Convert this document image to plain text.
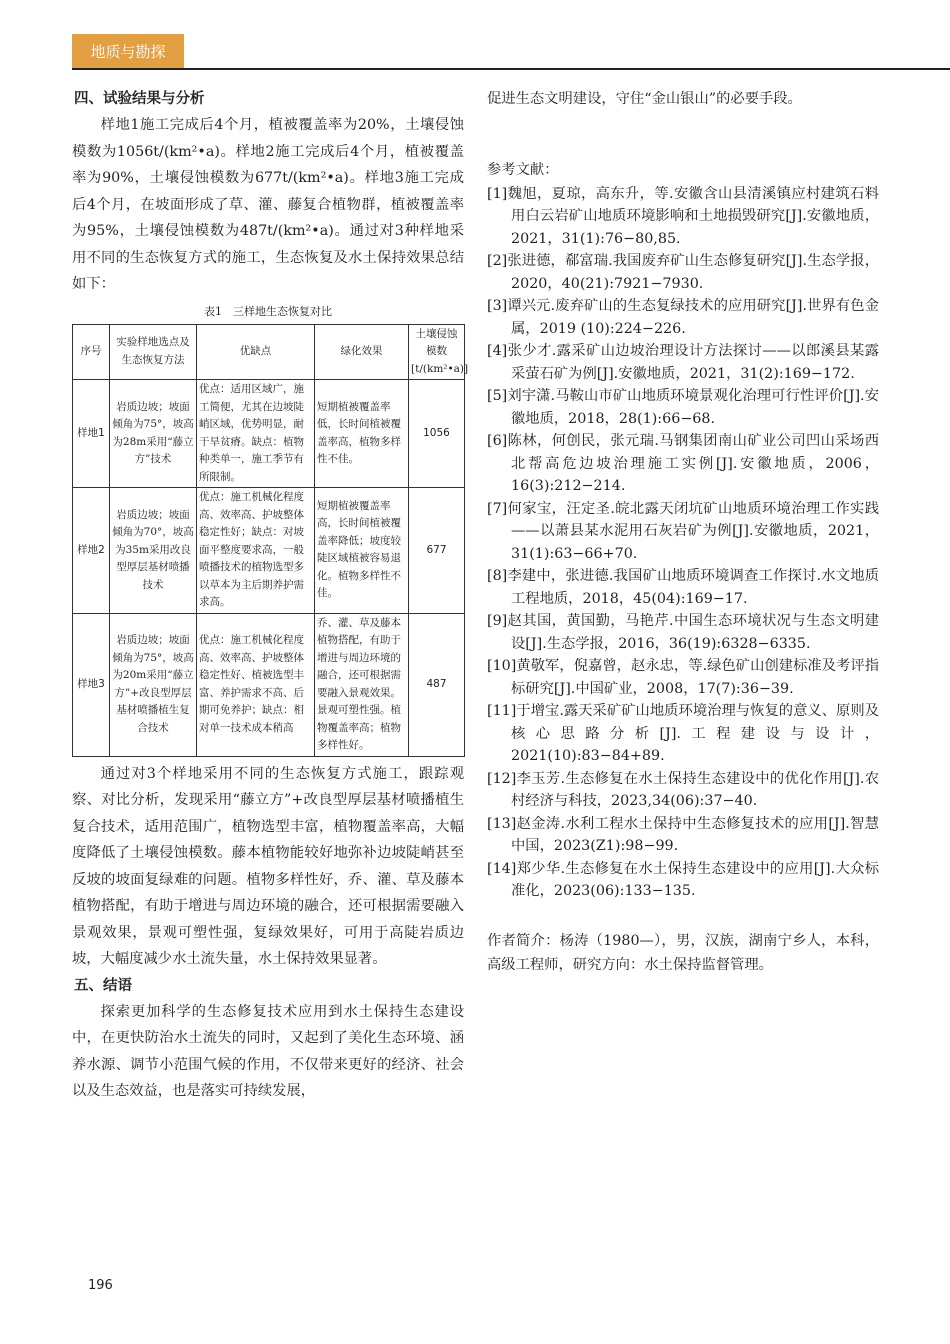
地质与勘探
四、试验结果与分析

样地1施工完成后4个月，植被覆盖率为20%，土壤侵蚀模数为1056t/(km²•a)。样地2施工完成后4个月，植被覆盖率为90%，土壤侵蚀模数为677t/(km²•a)。样地3施工完成后4个月，在坡面形成了草、灌、藤复合植物群，植被覆盖率为95%，土壤侵蚀模数为487t/(km²•a)。通过对3种样地采用不同的生态恢复方式的施工，生态恢复及水土保持效果总结如下：

表1　三样地生态恢复对比
序号	实验样地选点及生态恢复方法	优缺点	绿化效果	土壤侵蚀模数[t/(km²•a)]
样地1	岩质边坡；坡面倾角为75°，坡高为28m采用“藤立方”技术	优点：适用区域广，施工简便，尤其在边坡陡峭区域，优势明显，耐干旱贫瘠。缺点：植物种类单一，施工季节有所限制。	短期植被覆盖率低，长时间植被覆盖率高，植物多样性不佳。	1056
样地2	岩质边坡；坡面倾角为70°，坡高为35m采用改良型厚层基材喷播技术	优点：施工机械化程度高、效率高、护坡整体稳定性好；缺点：对坡面平整度要求高，一般喷播技术的植物选型多以草本为主后期养护需求高。	短期植被覆盖率高，长时间植被覆盖率降低；坡度较陡区域植被容易退化。植物多样性不佳。	677
样地3	岩质边坡；坡面倾角为75°，坡高为20m采用“藤立方”+改良型厚层基材喷播植生复合技术	优点：施工机械化程度高、效率高、护坡整体稳定性好、植被选型丰富、养护需求不高、后期可免养护；缺点：相对单一技术成本稍高	乔、灌、草及藤本植物搭配，有助于增进与周边环境的融合，还可根据需要融入景观效果。景观可塑性强。植物覆盖率高；植物多样性好。	487

通过对3个样地采用不同的生态恢复方式施工，跟踪观察、对比分析，发现采用“藤立方”+改良型厚层基材喷播植生复合技术，适用范围广，植物选型丰富，植物覆盖率高，大幅度降低了土壤侵蚀模数。藤本植物能较好地弥补边坡陡峭甚至反坡的坡面复绿难的问题。植物多样性好，乔、灌、草及藤本植物搭配，有助于增进与周边环境的融合，还可根据需要融入景观效果，景观可塑性强，复绿效果好，可用于高陡岩质边坡，大幅度减少水土流失量，水土保持效果显著。

五、结语

探索更加科学的生态修复技术应用到水土保持生态建设中，在更快防治水土流失的同时，又起到了美化生态环境、涵养水源、调节小范围气候的作用，不仅带来更好的经济、社会以及生态效益，也是落实可持续发展，

促进生态文明建设，守住“金山银山”的必要手段。

参考文献：
[1]魏旭，夏琼，高东升，等.安徽含山县清溪镇应村建筑石料用白云岩矿山地质环境影响和土地损毁研究[J].安徽地质，2021，31(1):76−80,85.
[2]张进德，郗富瑞.我国废弃矿山生态修复研究[J].生态学报，2020，40(21):7921−7930.
[3]谭兴元.废弃矿山的生态复绿技术的应用研究[J].世界有色金属，2019 (10):224−226.
[4]张少才.露采矿山边坡治理设计方法探讨——以郎溪县某露采萤石矿为例[J].安徽地质，2021，31(2):169−172.
[5]刘宇潇.马鞍山市矿山地质环境景观化治理可行性评价[J].安徽地质，2018，28(1):66−68.
[6]陈林，何创民，张元瑞.马钢集团南山矿业公司凹山采场西北帮高危边坡治理施工实例[J].安徽地质，2006，16(3):212−214.
[7]何家宝，汪定圣.皖北露天闭坑矿山地质环境治理工作实践——以萧县某水泥用石灰岩矿为例[J].安徽地质，2021，31(1):63−66+70.
[8]李建中，张进德.我国矿山地质环境调查工作探讨.水文地质工程地质，2018，45(04):169−17.
[9]赵其国，黄国勤，马艳芹.中国生态环境状况与生态文明建设[J].生态学报，2016，36(19):6328−6335.
[10]黄敬军，倪嘉曾，赵永忠，等.绿色矿山创建标准及考评指标研究[J].中国矿业，2008，17(7):36−39.
[11]于增宝.露天采矿矿山地质环境治理与恢复的意义、原则及核心思路分析[J].工程建设与设计，2021(10):83−84+89.
[12]李玉芳.生态修复在水土保持生态建设中的优化作用[J].农村经济与科技，2023,34(06):37−40.
[13]赵金涛.水利工程水土保持中生态修复技术的应用[J].智慧中国，2023(Z1):98−99.
[14]郑少华.生态修复在水土保持生态建设中的应用[J].大众标准化，2023(06):133−135.
作者简介：杨涛（1980—），男，汉族，湖南宁乡人，本科，高级工程师，研究方向：水土保持监督管理。
196
